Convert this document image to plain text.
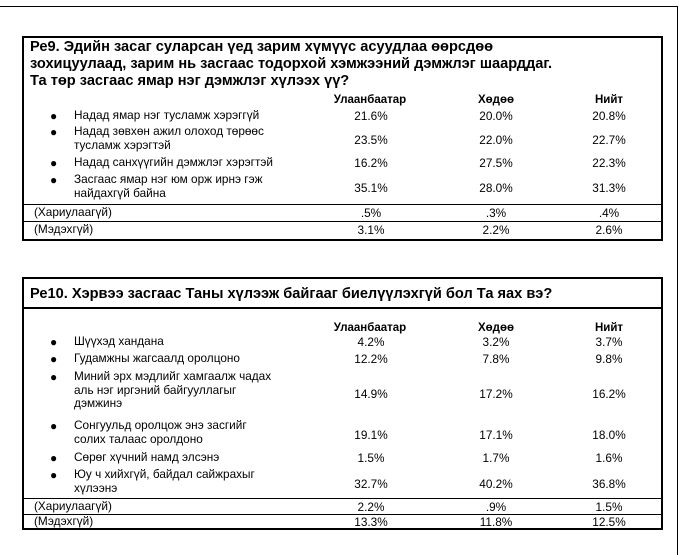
Ре9. Эдийн засаг суларсан үед зарим хүмүүс асуудлаа өөрсдөө
зохицуулаад, зарим нь засгаас тодорхой хэмжээний дэмжлэг шаарддаг.
Та төр засгаас ямар нэг дэмжлэг хүлээх үү?
Улаанбаатар	Хөдөө	Нийт
● Надад ямар нэг тусламж хэрэггүй	21.6%	20.0%	20.8%
● Надад зөвхөн ажил олоход төрөөс
тусламж хэрэгтэй	23.5%	22.0%	22.7%
● Надад санхүүгийн дэмжлэг хэрэгтэй	16.2%	27.5%	22.3%
● Засгаас ямар нэг юм орж ирнэ гэж
найдахгүй байна	35.1%	28.0%	31.3%
(Хариулаагүй)	.5%	.3%	.4%
(Мэдэхгүй)	3.1%	2.2%	2.6%
Ре10. Хэрвээ засгаас Таны хүлээж байгааг биелүүлэхгүй бол Та яах вэ?
Улаанбаатар	Хөдөө	Нийт
● Шүүхэд хандана	4.2%	3.2%	3.7%
● Гудамжны жагсаалд оролцоно	12.2%	7.8%	9.8%
● Миний эрх мэдлийг хамгаалж чадах
аль нэг иргэний байгууллагыг
дэмжинэ
14.9%	17.2%	16.2%
● Сонгуульд оролцож энэ засгийг
солих талаас оролдоно	19.1%	17.1%	18.0%
● Сөрөг хүчний намд элсэнэ	1.5%	1.7%	1.6%
● Юу ч хийхгүй, байдал сайжрахыг
хүлээнэ	32.7%	40.2%	36.8%
(Хариулаагүй)	2.2%	.9%	1.5%
(Мэдэхгүй)	13.3%	11.8%	12.5%
